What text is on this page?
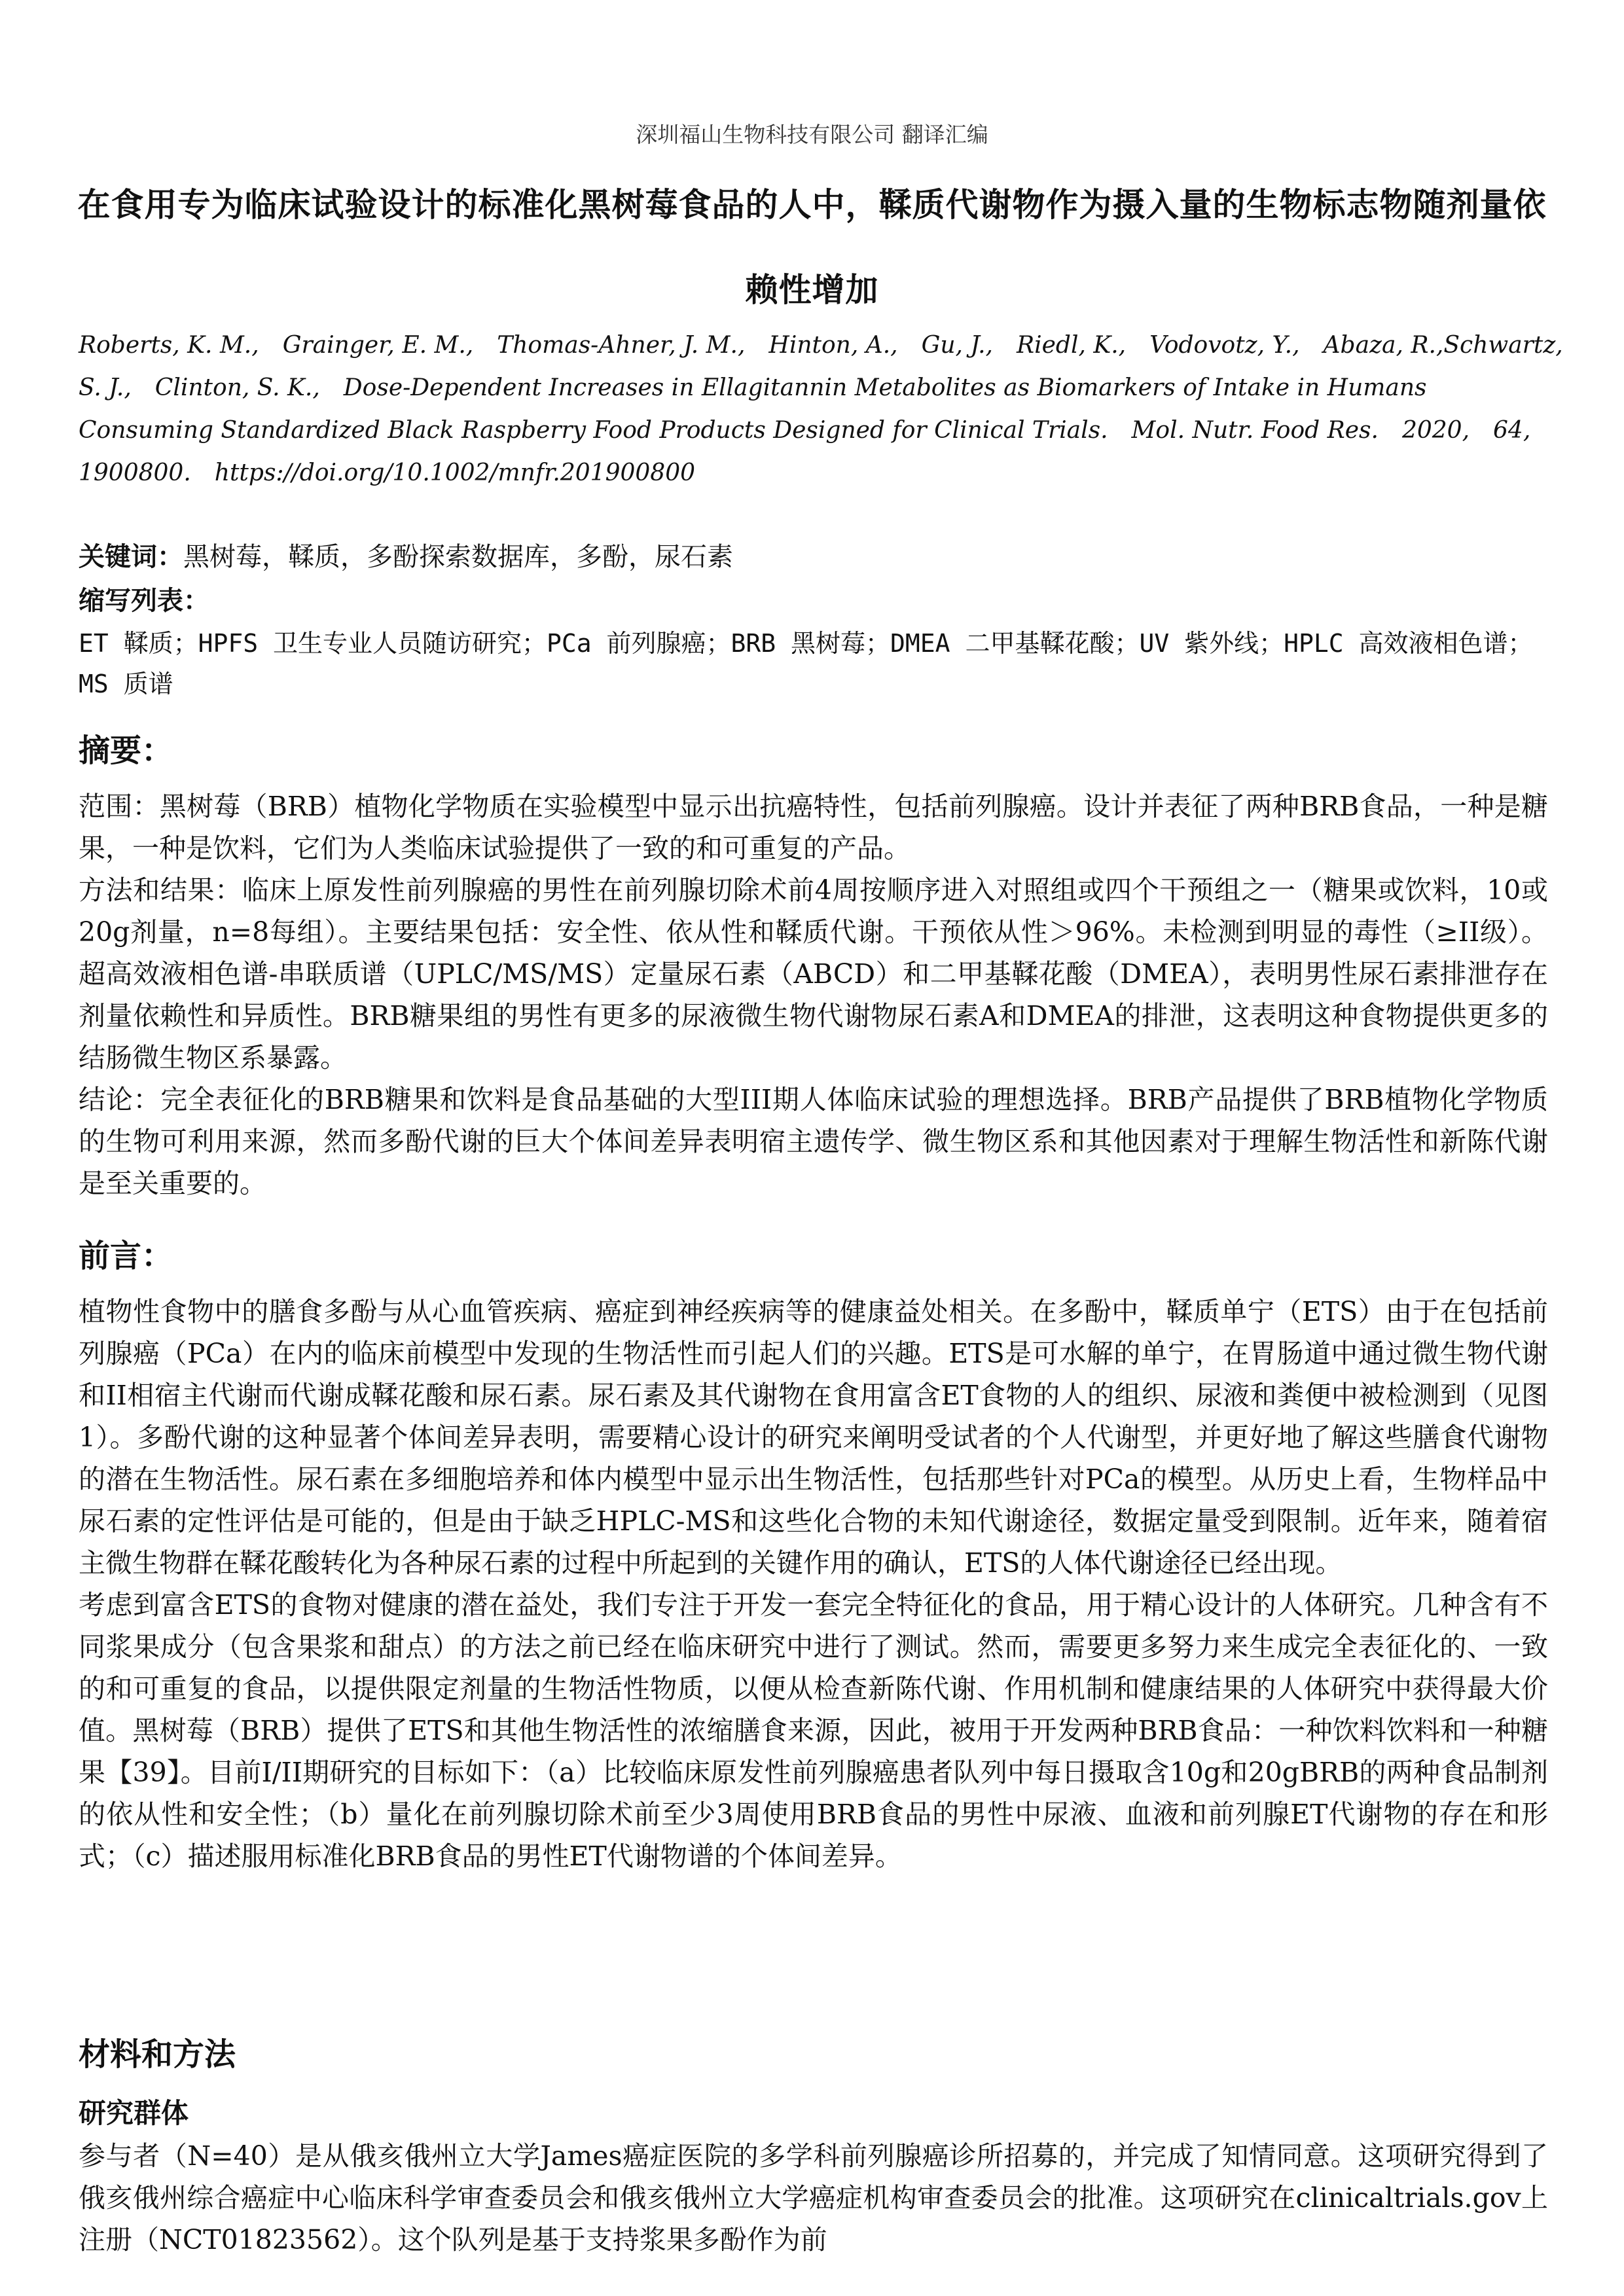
深圳福山生物科技有限公司 翻译汇编
在食用专为临床试验设计的标准化黑树莓食品的人中，鞣质代谢物作为摄入量的生物标志物随剂量依赖性增加
Roberts, K. M.,　Grainger, E. M.,　Thomas‐Ahner, J. M.,　Hinton, A.,　Gu, J.,　Riedl, K.,　Vodovotz, Y.,　Abaza, R.,Schwartz, S. J.,　Clinton, S. K.,　Dose‐Dependent Increases in Ellagitannin Metabolites as Biomarkers of Intake in Humans Consuming Standardized Black Raspberry Food Products Designed for Clinical Trials.　Mol. Nutr. Food Res.　2020,　64, 1900800.　https://doi.org/10.1002/mnfr.201900800
关键词：黑树莓，鞣质，多酚探索数据库，多酚，尿石素
缩写列表：
ET 鞣质；HPFS 卫生专业人员随访研究；PCa 前列腺癌；BRB 黑树莓；DMEA 二甲基鞣花酸；UV 紫外线；HPLC 高效液相色谱；MS 质谱
摘要：

范围：黑树莓（BRB）植物化学物质在实验模型中显示出抗癌特性，包括前列腺癌。设计并表征了两种BRB食品，一种是糖果，一种是饮料，它们为人类临床试验提供了一致的和可重复的产品。

方法和结果：临床上原发性前列腺癌的男性在前列腺切除术前4周按顺序进入对照组或四个干预组之一（糖果或饮料，10或20g剂量，n=8每组）。主要结果包括：安全性、依从性和鞣质代谢。干预依从性＞96%。未检测到明显的毒性（≥II级）。超高效液相色谱-串联质谱（UPLC/MS/MS）定量尿石素（ABCD）和二甲基鞣花酸（DMEA），表明男性尿石素排泄存在剂量依赖性和异质性。BRB糖果组的男性有更多的尿液微生物代谢物尿石素A和DMEA的排泄，这表明这种食物提供更多的结肠微生物区系暴露。

结论：完全表征化的BRB糖果和饮料是食品基础的大型III期人体临床试验的理想选择。BRB产品提供了BRB植物化学物质的生物可利用来源，然而多酚代谢的巨大个体间差异表明宿主遗传学、微生物区系和其他因素对于理解生物活性和新陈代谢是至关重要的。

前言：

植物性食物中的膳食多酚与从心血管疾病、癌症到神经疾病等的健康益处相关。在多酚中，鞣质单宁（ETS）由于在包括前列腺癌（PCa）在内的临床前模型中发现的生物活性而引起人们的兴趣。ETS是可水解的单宁，在胃肠道中通过微生物代谢和II相宿主代谢而代谢成鞣花酸和尿石素。尿石素及其代谢物在食用富含ET食物的人的组织、尿液和粪便中被检测到（见图1）。多酚代谢的这种显著个体间差异表明，需要精心设计的研究来阐明受试者的个人代谢型，并更好地了解这些膳食代谢物的潜在生物活性。尿石素在多细胞培养和体内模型中显示出生物活性，包括那些针对PCa的模型。从历史上看，生物样品中尿石素的定性评估是可能的，但是由于缺乏HPLC-MS和这些化合物的未知代谢途径，数据定量受到限制。近年来，随着宿主微生物群在鞣花酸转化为各种尿石素的过程中所起到的关键作用的确认，ETS的人体代谢途径已经出现。

考虑到富含ETS的食物对健康的潜在益处，我们专注于开发一套完全特征化的食品，用于精心设计的人体研究。几种含有不同浆果成分（包含果浆和甜点）的方法之前已经在临床研究中进行了测试。然而，需要更多努力来生成完全表征化的、一致的和可重复的食品，以提供限定剂量的生物活性物质，以便从检查新陈代谢、作用机制和健康结果的人体研究中获得最大价值。黑树莓（BRB）提供了ETS和其他生物活性的浓缩膳食来源，因此，被用于开发两种BRB食品：一种饮料饮料和一种糖果【39】。目前I/II期研究的目标如下：（a）比较临床原发性前列腺癌患者队列中每日摄取含10g和20gBRB的两种食品制剂的依从性和安全性；（b）量化在前列腺切除术前至少3周使用BRB食品的男性中尿液、血液和前列腺ET代谢物的存在和形式；（c）描述服用标准化BRB食品的男性ET代谢物谱的个体间差异。

材料和方法
研究群体

参与者（N=40）是从俄亥俄州立大学James癌症医院的多学科前列腺癌诊所招募的，并完成了知情同意。这项研究得到了俄亥俄州综合癌症中心临床科学审查委员会和俄亥俄州立大学癌症机构审查委员会的批准。这项研究在clinicaltrials.gov上注册（NCT01823562）。这个队列是基于支持浆果多酚作为前
